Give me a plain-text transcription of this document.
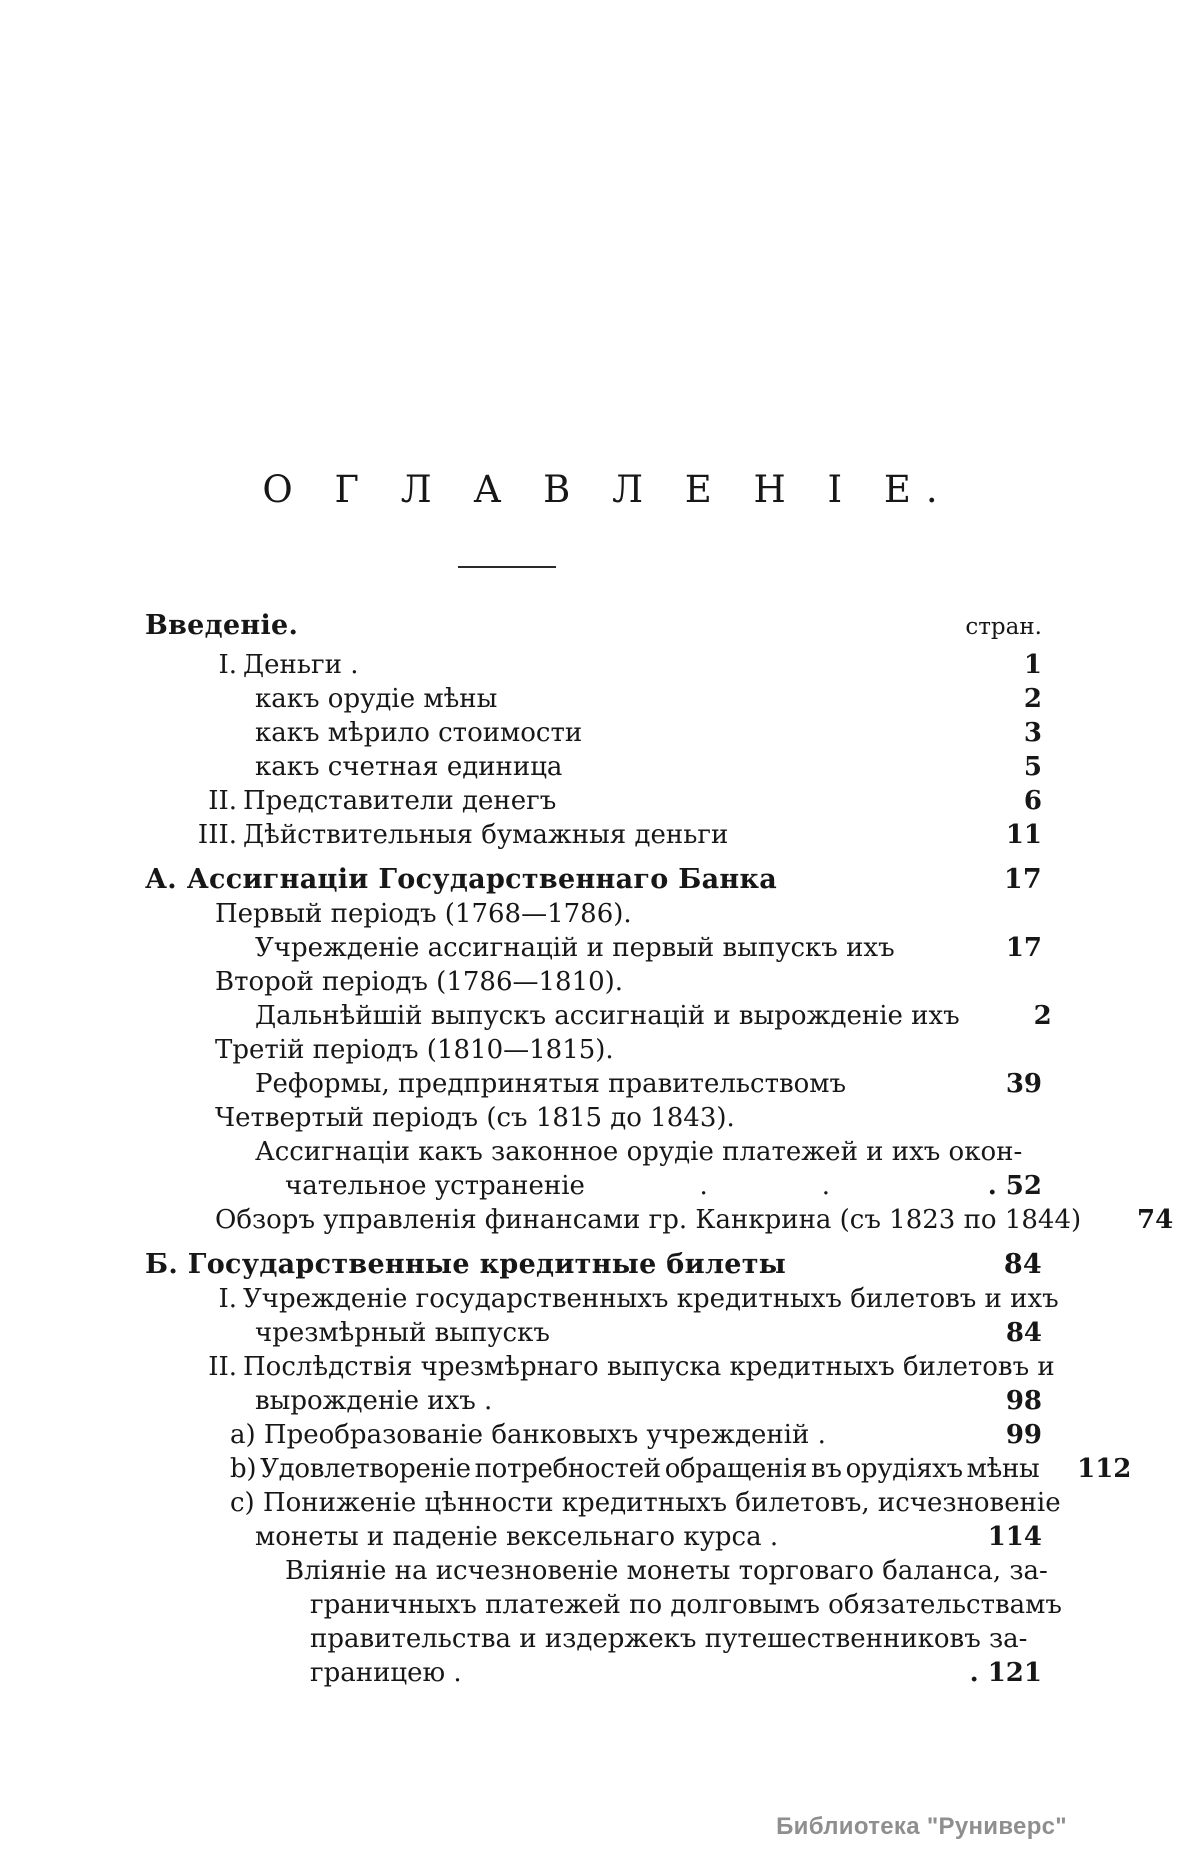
О Г Л А В Л Е Н І Е.
Введеніе.	стран.
I. Деньги .	1
какъ орудіе мѣны	2
какъ мѣрило стоимости	3
какъ счетная единица	5
II. Представители денегъ	6
III. Дѣйствительныя бумажныя деньги	11
А. Ассигнаціи Государственнаго Банка	17
Первый періодъ (1768—1786).
Учрежденіе ассигнацій и первый выпускъ ихъ	17
Второй періодъ (1786—1810).
Дальнѣйшій выпускъ ассигнацій и вырожденіе ихъ	2
Третій періодъ (1810—1815).
Реформы, предпринятыя правительствомъ	39
Четвертый періодъ (съ 1815 до 1843).
Ассигнаціи какъ законное орудіе платежей и ихъ окон-
чательное устраненіе	.    .	. 52
Обзоръ управленія финансами гр. Канкрина (съ 1823 по 1844)	74
Б. Государственные кредитные билеты	84
I. Учрежденіе государственныхъ кредитныхъ билетовъ и ихъ
чрезмѣрный выпускъ	84
II. Послѣдствія чрезмѣрнаго выпуска кредитныхъ билетовъ и
вырожденіе ихъ .	98
a) Преобразованіе банковыхъ учрежденій .	99
b) Удовлетвореніе потребностей обращенія въ орудіяхъ мѣны	112
c) Пониженіе цѣнности кредитныхъ билетовъ, исчезновеніе
монеты и паденіе вексельнаго курса .	114
Вліяніе на исчезновеніе монеты торговаго баланса, за-
граничныхъ платежей по долговымъ обязательствамъ
правительства и издержекъ путешественниковъ за-
границею .	. 121
Библиотека "Руниверс"
